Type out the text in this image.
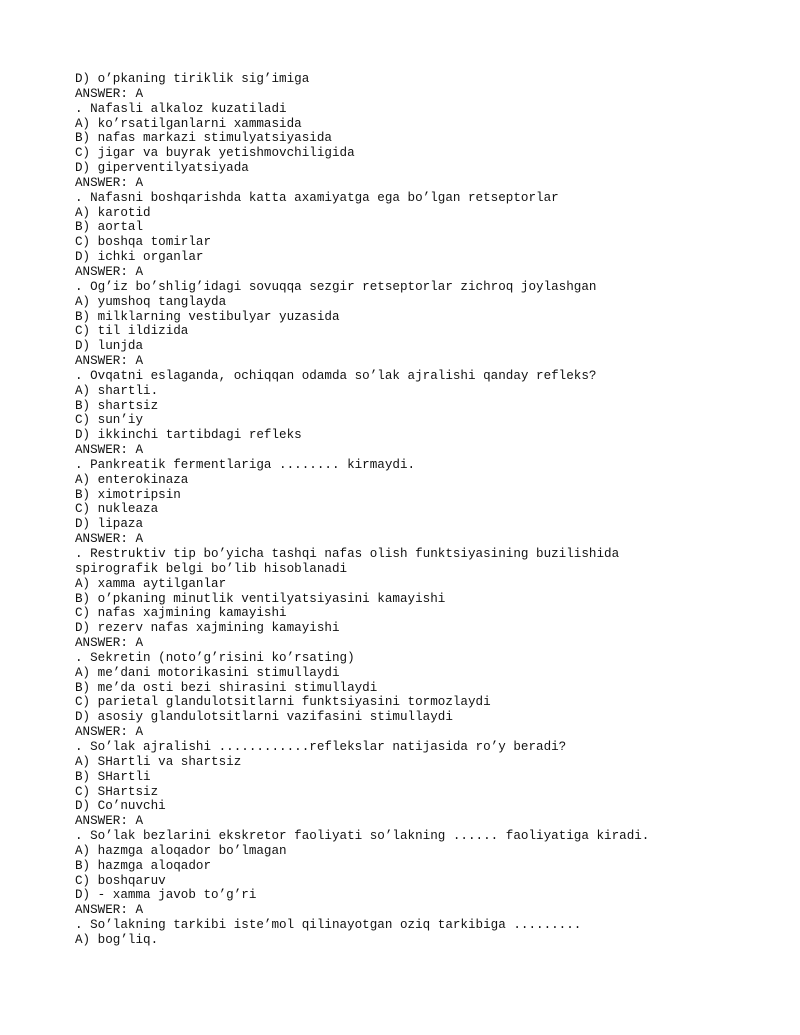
D) o’pkaning tiriklik sig’imiga
ANSWER: A
. Nafasli alkaloz kuzatiladi
A) ko’rsatilganlarni xammasida
B) nafas markazi stimulyatsiyasida
C) jigar va buyrak yetishmovchiligida
D) giperventilyatsiyada
ANSWER: A
. Nafasni boshqarishda katta axamiyatga ega bo’lgan retseptorlar
A) karotid
B) aortal
C) boshqa tomirlar
D) ichki organlar
ANSWER: A
. Og’iz bo’shlig’idagi sovuqqa sezgir retseptorlar zichroq joylashgan
A) yumshoq tanglayda
B) milklarning vestibulyar yuzasida
C) til ildizida
D) lunjda
ANSWER: A
. Ovqatni eslaganda, ochiqqan odamda so’lak ajralishi qanday refleks?
A) shartli.
B) shartsiz
C) sun’iy
D) ikkinchi tartibdagi refleks
ANSWER: A
. Pankreatik fermentlariga ........ kirmaydi.
A) enterokinaza
B) ximotripsin
C) nukleaza
D) lipaza
ANSWER: A
. Restruktiv tip bo’yicha tashqi nafas olish funktsiyasining buzilishida
spirografik belgi bo’lib hisoblanadi
A) xamma aytilganlar
B) o’pkaning minutlik ventilyatsiyasini kamayishi
C) nafas xajmining kamayishi
D) rezerv nafas xajmining kamayishi
ANSWER: A
. Sekretin (noto’g’risini ko’rsating)
A) me’dani motorikasini stimullaydi
B) me’da osti bezi shirasini stimullaydi
C) parietal glandulotsitlarni funktsiyasini tormozlaydi
D) asosiy glandulotsitlarni vazifasini stimullaydi
ANSWER: A
. So’lak ajralishi ............reflekslar natijasida ro’y beradi?
A) SHartli va shartsiz
B) SHartli
C) SHartsiz
D) Co’nuvchi
ANSWER: A
. So’lak bezlarini ekskretor faoliyati so’lakning ...... faoliyatiga kiradi.
A) hazmga aloqador bo’lmagan
B) hazmga aloqador
C) boshqaruv
D) - xamma javob to’g’ri
ANSWER: A
. So’lakning tarkibi iste’mol qilinayotgan oziq tarkibiga .........
A) bog’liq.
